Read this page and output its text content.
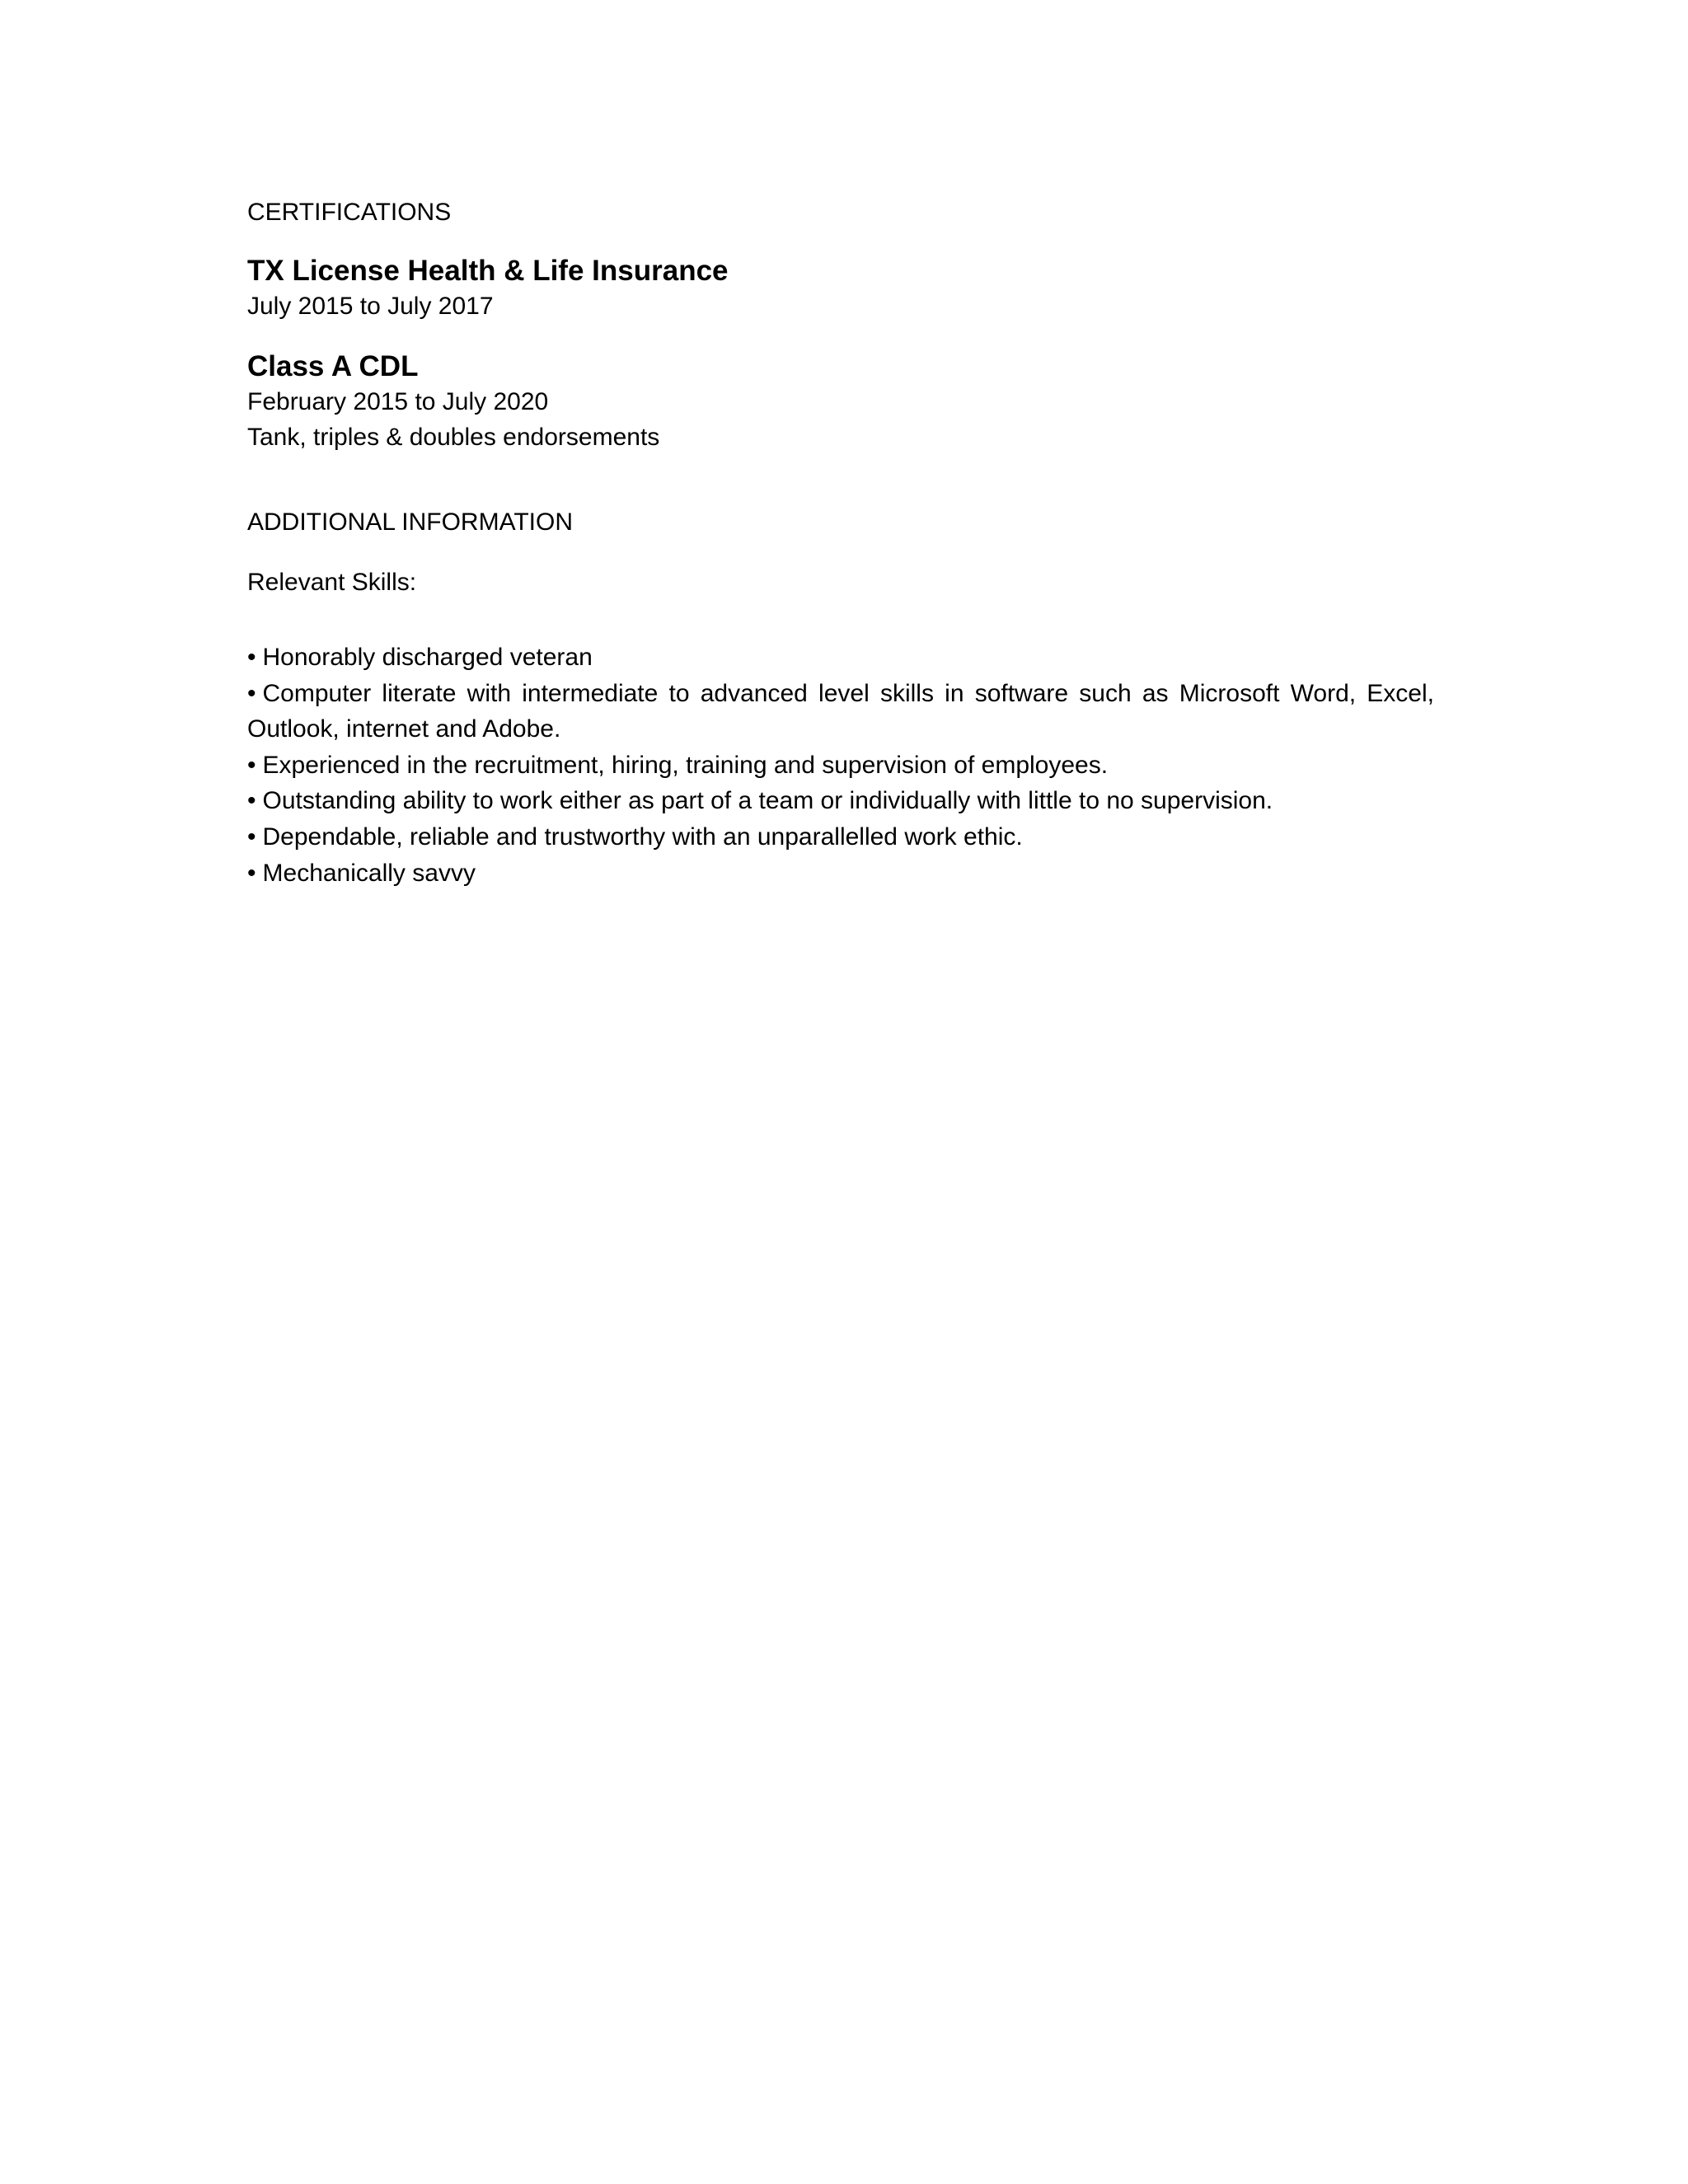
CERTIFICATIONS
TX License Health & Life Insurance
July 2015 to July 2017
Class A CDL
February 2015 to July 2020
Tank, triples & doubles endorsements
ADDITIONAL INFORMATION
Relevant Skills:
• Honorably discharged veteran
• Computer literate with intermediate to advanced level skills in software such as Microsoft Word, Excel, Outlook, internet and Adobe.
• Experienced in the recruitment, hiring, training and supervision of employees.
• Outstanding ability to work either as part of a team or individually with little to no supervision.
• Dependable, reliable and trustworthy with an unparallelled work ethic.
• Mechanically savvy
